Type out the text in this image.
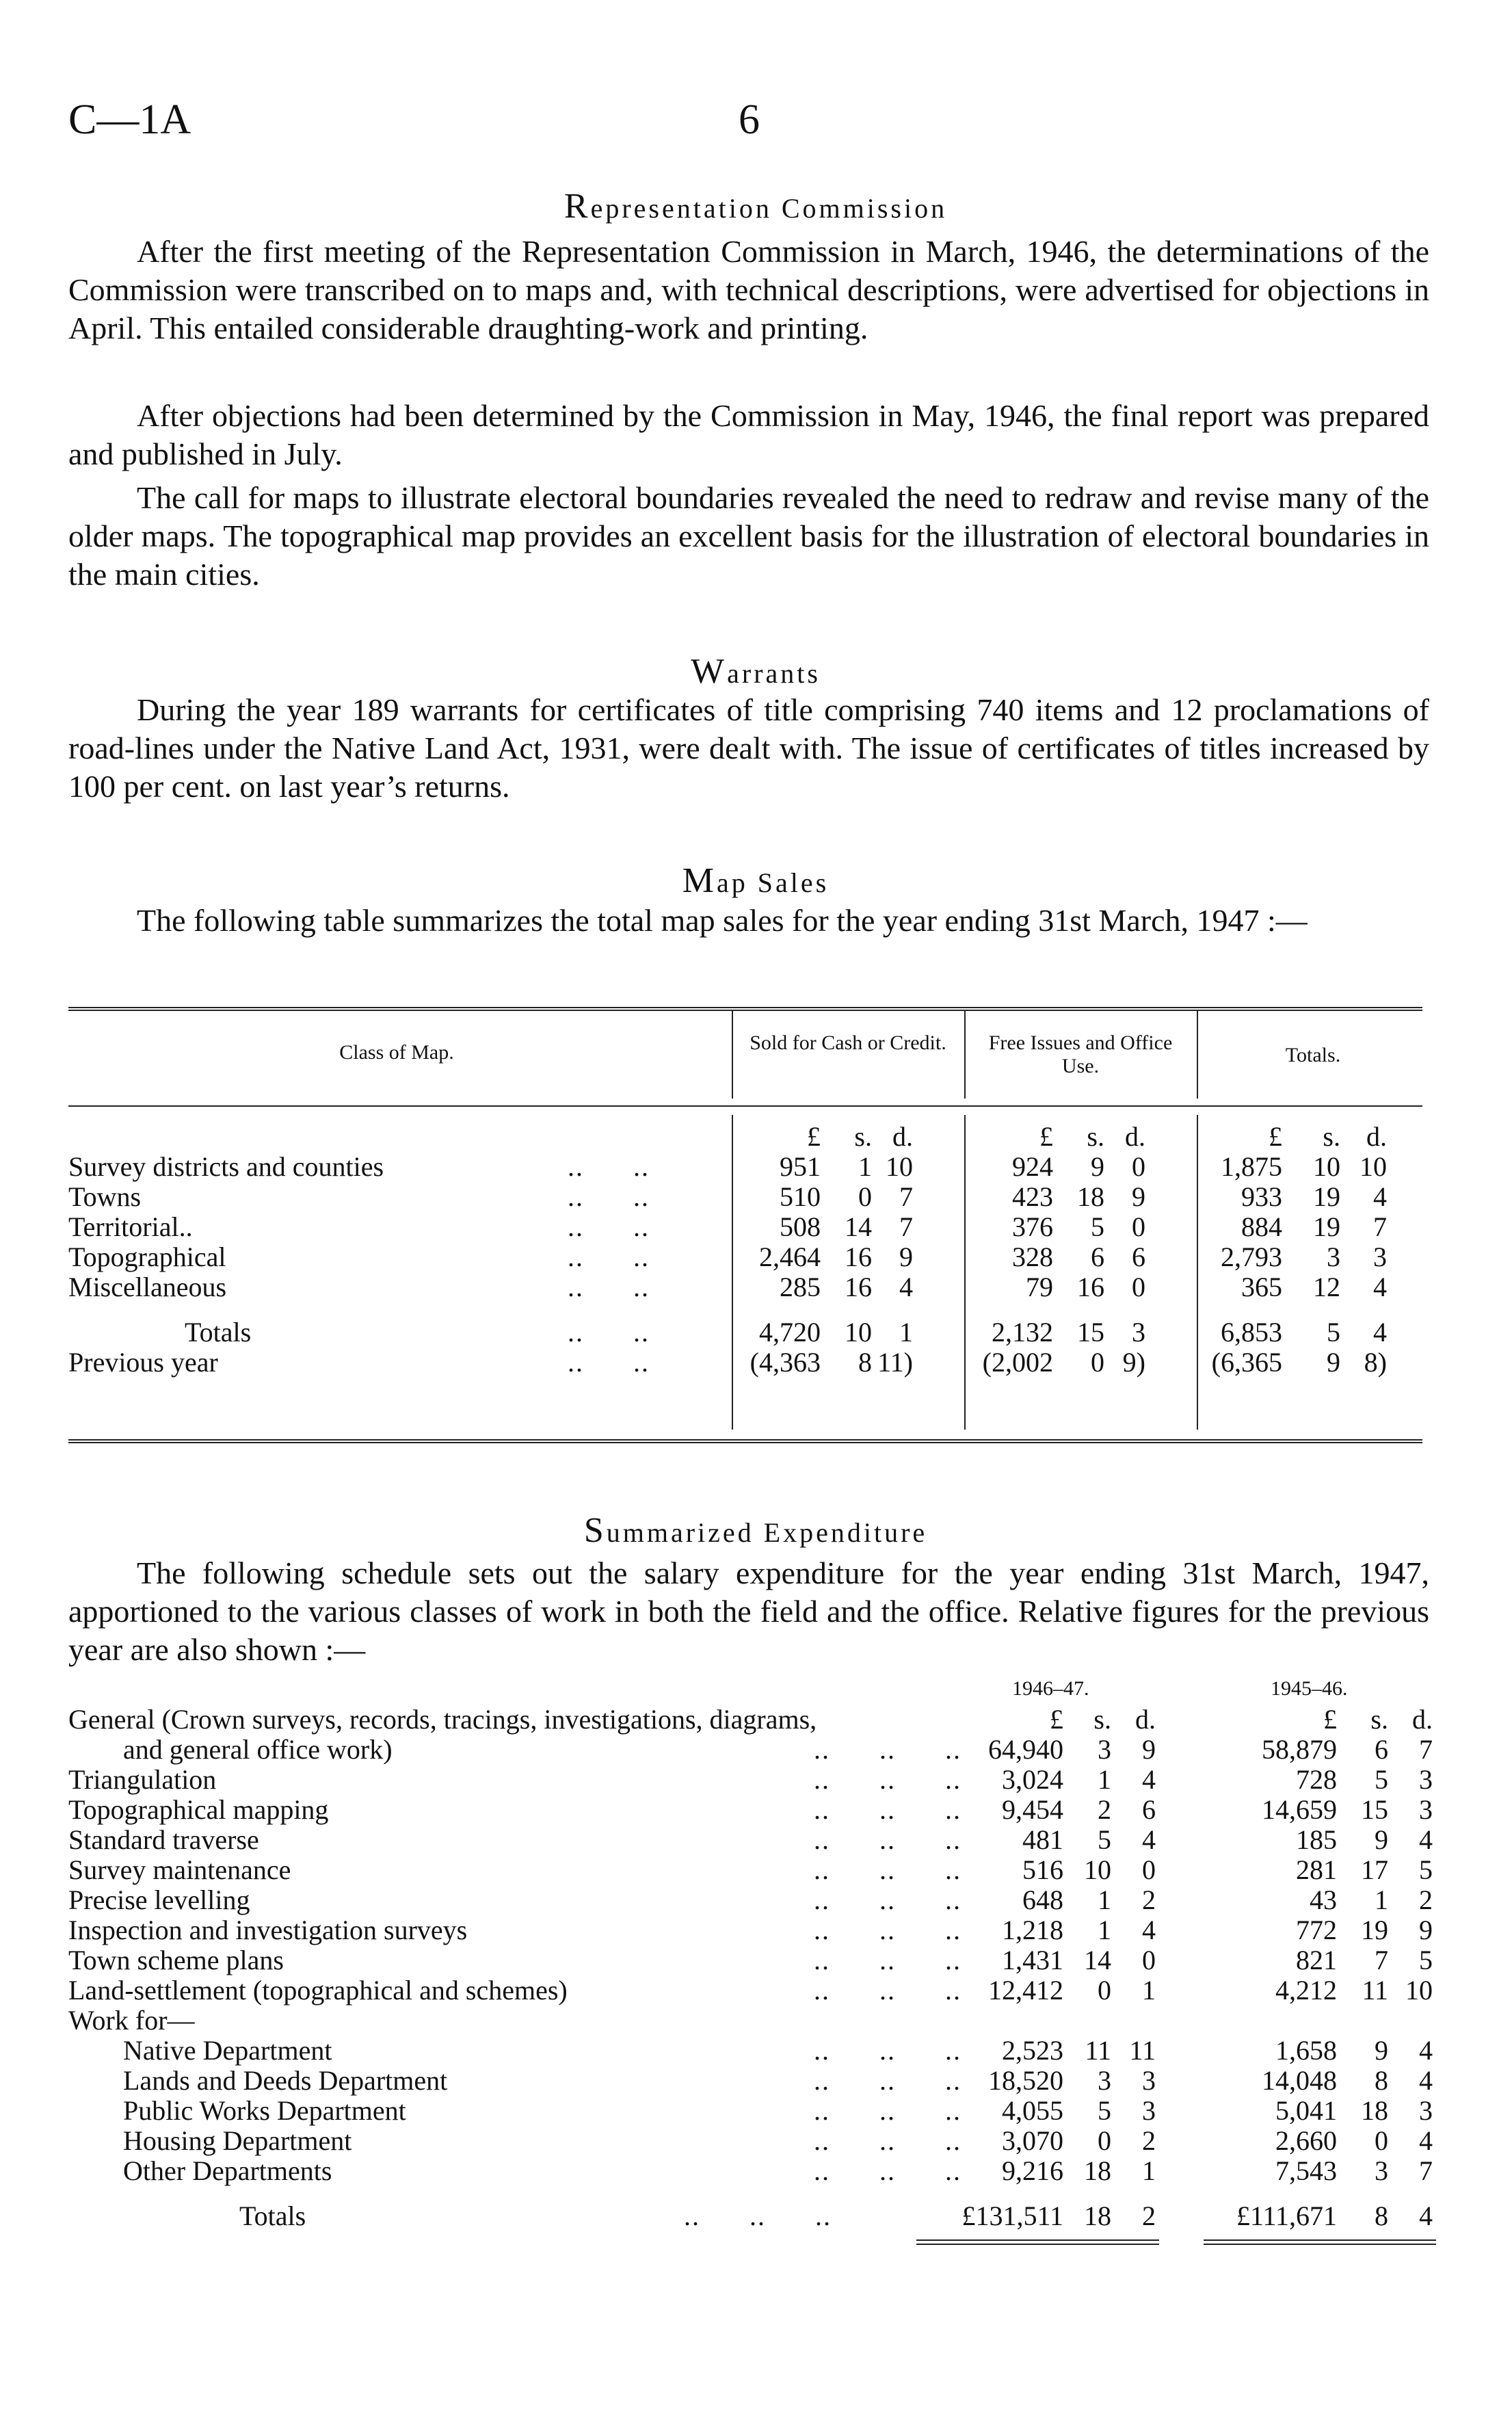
C—1A	6
Representation Commission

After the first meeting of the Representation Commission in March, 1946, the determinations of the Commission were transcribed on to maps and, with technical descriptions, were advertised for objections in April. This entailed considerable draughting-work and printing.

After objections had been determined by the Commission in May, 1946, the final report was prepared and published in July.

The call for maps to illustrate electoral boundaries revealed the need to redraw and revise many of the older maps. The topographical map provides an excellent basis for the illustration of electoral boundaries in the main cities.

Warrants

During the year 189 warrants for certificates of title comprising 740 items and 12 proclamations of road-lines under the Native Land Act, 1931, were dealt with. The issue of certificates of titles increased by 100 per cent. on last year’s returns.

Map Sales

The following table summarizes the total map sales for the year ending 31st March, 1947 :—

Class of Map.	Sold for Cash or Credit.	Free Issues and Office Use.	Totals.
£	s. d.	£	s. d.	£	s. d.
Survey districts and counties	..      ..	951	1 10	924	9	0	1,875	10 10
Towns	..      ..	510	0	7	423 18	9	933	19	4
Territorial..	..      ..	508 14	7	376	5	0	884	19	7
Topographical	..      ..	2,464 16	9	328	6	6	2,793	3	3
Miscellaneous	..      ..	285 16	4	79 16	0	365	12	4
Totals	..      ..	4,720 10	1	2,132 15	3	6,853	5	4
Previous year	..      ..	(4,363	8 11)	(2,002	0 9)	(6,365	9 8)
Summarized Expenditure

The following schedule sets out the salary expenditure for the year ending 31st March, 1947, apportioned to the various classes of work in both the field and the office. Relative figures for the previous year are also shown :—

1946–47.	1945–46.
£	s. d.	£	s. d.
General (Crown surveys, records, tracings, investigations, diagrams,
and general office work)	..      ..      .. 64,940	3	9	58,879	6	7
Triangulation	..      ..      ..	3,024	1	4	728	5	3
Topographical mapping	..      ..      ..	9,454	2	6	14,659 15	3
Standard traverse	..      ..      ..	481	5	4	185	9	4
Survey maintenance	..      ..      ..	516 10	0	281 17	5
Precise levelling	..      ..      ..	648	1	2	43	1	2
Inspection and investigation surveys	..      ..      ..	1,218	1	4	772 19	9
Town scheme plans	..      ..      ..	1,431 14	0	821	7	5
Land-settlement (topographical and schemes)	..      ..      .. 12,412	0	1	4,212 11 10
Work for—
Native Department	..      ..      ..	2,523 11 11	1,658	9	4
Lands and Deeds Department	..      ..      .. 18,520	3	3	14,048	8	4
Public Works Department	..      ..      ..	4,055	5	3	5,041 18	3
Housing Department	..      ..      ..	3,070	0	2	2,660	0	4
Other Departments	..      ..      ..	9,216 18	1	7,543	3	7
Totals	..      ..      ..	£131,511 18	2	£111,671	8	4
